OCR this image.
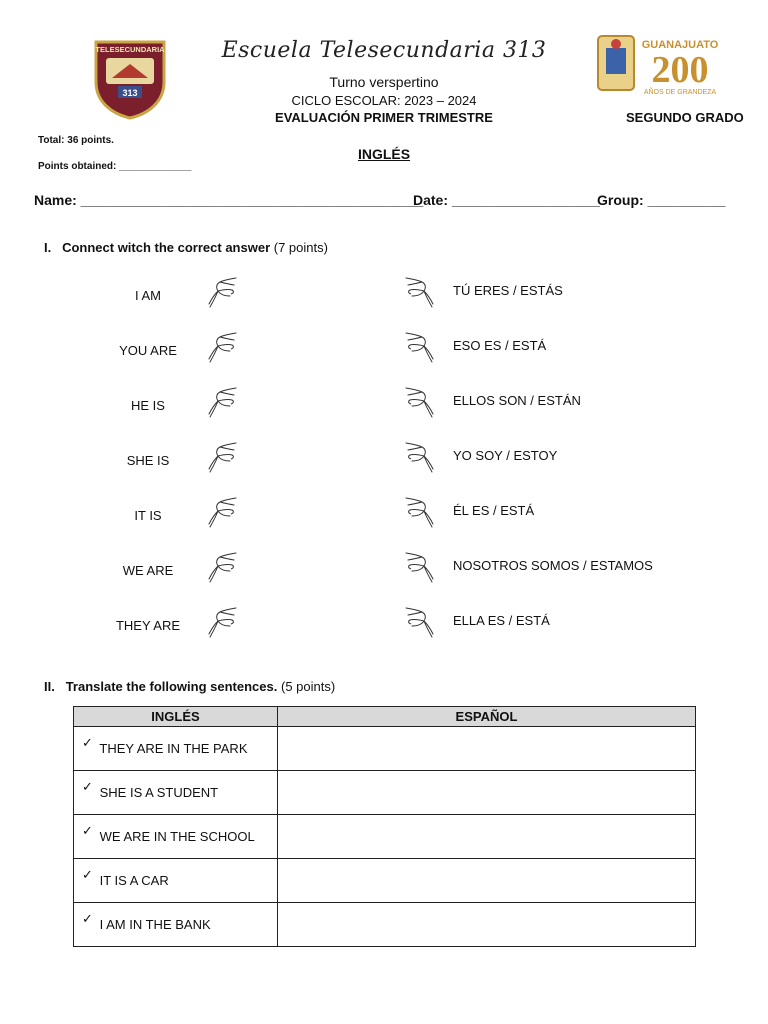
TELESECUNDARIA
313
GUANAJUATO
200
AÑOS DE GRANDEZA
Escuela Telesecundaria 313
Turno verspertino
CICLO ESCOLAR: 2023 – 2024
EVALUACIÓN PRIMER TRIMESTRE	SEGUNDO GRADO
Total: 36 points.
Points obtained: _____________
INGLÉS
Name: ____________________________________________
Date: ___________________
Group: __________
I. Connect witch the correct answer (7 points)
I AM
YOU ARE
HE IS
SHE IS
IT IS
WE ARE
THEY ARE
TÚ ERES / ESTÁS
ESO ES / ESTÁ
ELLOS SON / ESTÁN
YO SOY / ESTOY
ÉL ES / ESTÁ
NOSOTROS SOMOS / ESTAMOS
ELLA ES / ESTÁ
II. Translate the following sentences. (5 points)
INGLÉS	ESPAÑOL
✓ THEY ARE IN THE PARK	
✓ SHE IS A STUDENT	
✓ WE ARE IN THE SCHOOL	
✓ IT IS A CAR	
✓ I AM IN THE BANK	
